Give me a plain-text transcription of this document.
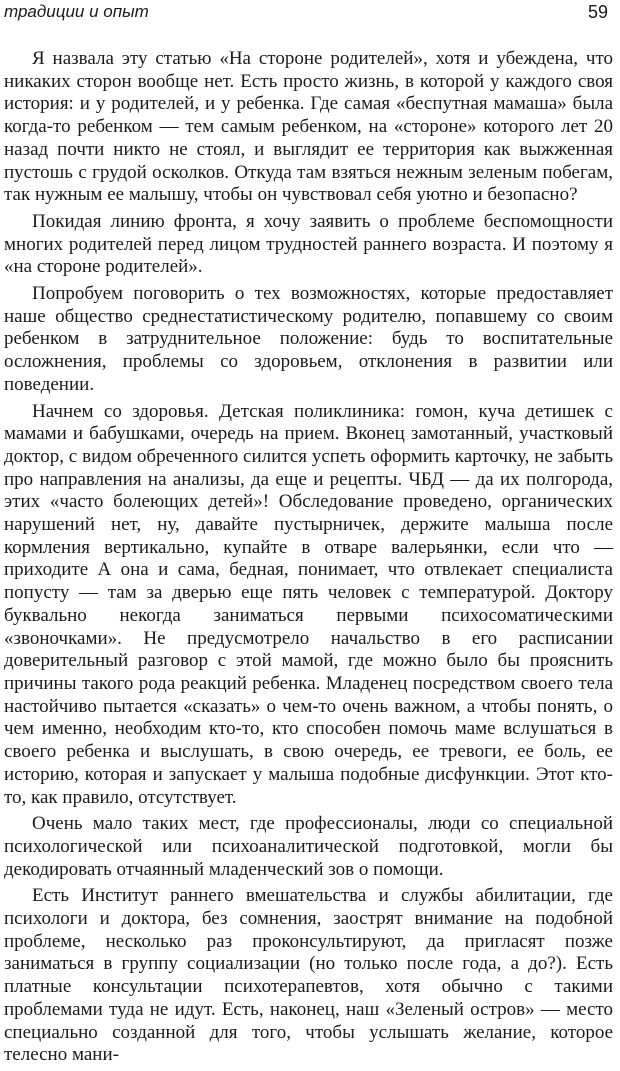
традиции и опыт	59

Я назвала эту статью «На стороне родителей», хотя и убеждена, что никаких сторон вообще нет. Есть просто жизнь, в которой у каждого своя история: и у родителей, и у ребенка. Где самая «беспутная мамаша» была когда-то ребенком — тем самым ребенком, на «стороне» которого лет 20 назад почти никто не стоял, и выглядит ее территория как выжженная пустошь с грудой осколков. Откуда там взяться нежным зеленым побегам, так нужным ее малышу, чтобы он чувствовал себя уютно и безопасно?

Покидая линию фронта, я хочу заявить о проблеме беспомощности многих родителей перед лицом трудностей раннего возраста. И поэтому я «на стороне родителей».

Попробуем поговорить о тех возможностях, которые предоставляет наше общество среднестатистическому родителю, попавшему со своим ребенком в затруднительное положение: будь то воспитательные осложнения, проблемы со здоровьем, отклонения в развитии или поведении.

Начнем со здоровья. Детская поликлиника: гомон, куча детишек с мамами и бабушками, очередь на прием. Вконец замотанный, участковый доктор, с видом обреченного силится успеть оформить карточку, не забыть про направления на анализы, да еще и рецепты. ЧБД — да их полгорода, этих «часто болеющих детей»! Обследование проведено, органических нарушений нет, ну, давайте пустырничек, держите малыша после кормления вертикально, купайте в отваре валерьянки, если что — приходите А она и сама, бедная, понимает, что отвлекает специалиста попусту — там за дверью еще пять человек с температурой. Доктору буквально некогда заниматься первыми психосоматическими «звоночками». Не предусмотрело начальство в его расписании доверительный разговор с этой мамой, где можно было бы прояснить причины такого рода реакций ребенка. Младенец посредством своего тела настойчиво пытается «сказать» о чем-то очень важном, а чтобы понять, о чем именно, необходим кто-то, кто способен помочь маме вслушаться в своего ребенка и выслушать, в свою очередь, ее тревоги, ее боль, ее историю, которая и запускает у малыша подобные дисфункции. Этот кто-то, как правило, отсутствует.

Очень мало таких мест, где профессионалы, люди со специальной психологической или психоаналитической подготовкой, могли бы декодировать отчаянный младенческий зов о помощи.

Есть Институт раннего вмешательства и службы абилитации, где психологи и доктора, без сомнения, заострят внимание на подобной проблеме, несколько раз проконсультируют, да пригласят позже заниматься в группу социализации (но только после года, а до?). Есть платные консультации психотерапевтов, хотя обычно с такими проблемами туда не идут. Есть, наконец, наш «Зеленый остров» — место специально созданной для того, чтобы услышать желание, которое телесно мани-
